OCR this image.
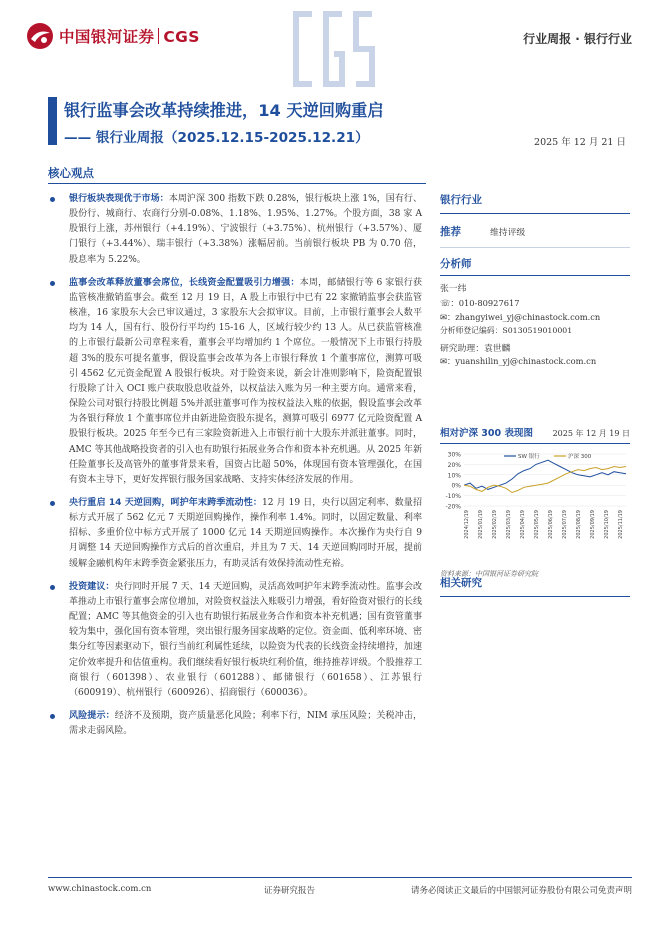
中国银河证券 CGS	行业周报 · 银行行业
银行监事会改革持续推进，14 天逆回购重启
—— 银行业周报（2025.12.15-2025.12.21）	2025 年 12 月 21 日
核心观点
银行板块表现优于市场：本周沪深 300 指数下跌 0.28%，银行板块上涨 1%，国有行、股份行、城商行、农商行分别-0.08%、1.18%、1.95%、1.27%。个股方面，38 家 A 股银行上涨，苏州银行（+4.19%）、宁波银行（+3.75%）、杭州银行（+3.57%）、厦门银行（+3.44%）、瑞丰银行（+3.38%）涨幅居前。当前银行板块 PB 为 0.70 倍，股息率为 5.22%。
监事会改革释放董事会席位，长线资金配置吸引力增强：本周，邮储银行等 6 家银行获监管核准撤销监事会。截至 12 月 19 日，A 股上市银行中已有 22 家撤销监事会获监管核准，16 家股东大会已审议通过，3 家股东大会拟审议。目前，上市银行董事会人数平均为 14 人，国有行、股份行平均约 15-16 人，区域行较少约 13 人。从已获监管核准的上市银行最新公司章程来看，董事会平均增加约 1 个席位。一般情况下上市银行持股超 3%的股东可提名董事，假设监事会改革为各上市银行释放 1 个董事席位，测算可吸引 4562 亿元资金配置 A 股银行板块。对于险资来说，新会计准则影响下，险资配置银行股除了计入 OCI 账户获取股息收益外，以权益法入账为另一种主要方向。通常来看，保险公司对银行持股比例超 5%并派驻董事可作为按权益法入账的依据，假设监事会改革为各银行释放 1 个董事席位并由新进险资股东提名，测算可吸引 6977 亿元险资配置 A 股银行板块。2025 年至今已有三家险资新进入上市银行前十大股东并派驻董事。同时，AMC 等其他战略投资者的引入也有助银行拓展业务合作和资本补充机遇。从 2025 年新任险董事长及高管外的董事背景来看，国资占比超 50%，体现国有资本管理强化，在国有资本主导下，更好发挥银行服务国家战略、支持实体经济发展的作用。
央行重启 14 天逆回购，呵护年末跨季流动性：12 月 19 日，央行以固定利率、数量招标方式开展了 562 亿元 7 天期逆回购操作，操作利率 1.4%。同时，以固定数量、利率招标、多重价位中标方式开展了 1000 亿元 14 天期逆回购操作。本次操作为央行自 9 月调整 14 天逆回购操作方式后的首次重启，并且为 7 天、14 天逆回购同时开展，提前缓解金融机构年末跨季资金紧张压力，有助灵活有效保持流动性充裕。
投资建议：央行同时开展 7 天、14 天逆回购，灵活高效呵护年末跨季流动性。监事会改革推动上市银行董事会席位增加，对险资权益法入账吸引力增强，看好险资对银行的长线配置；AMC 等其他资金的引入也有助银行拓展业务合作和资本补充机遇；国有资管董事较为集中，强化国有资本管理，突出银行服务国家战略的定位。资金面、低利率环境、密集分红等因素驱动下，银行当前红利属性延续，以险资为代表的长线资金持续增持，加速定价效率提升和估值重构。我们继续看好银行板块红利价值，维持推荐评级。个股推荐工商银行（601398）、农业银行（601288）、邮储银行（601658）、江苏银行（600919）、杭州银行（600926）、招商银行（600036）。
风险提示：经济不及预期，资产质量恶化风险；利率下行，NIM 承压风险；关税冲击，需求走弱风险。
银行行业
推荐	维持评级
分析师
张一纬
☏：010-80927617
✉：zhangyiwei_yj@chinastock.com.cn
分析师登记编码：S0130519010001
研究助理：袁世麟
✉：yuanshilin_yj@chinastock.com.cn
相对沪深 300 表现图 2025 年 12 月 19 日
30%
20%
10%
0%
-10%
-20%
2024/12/19 2025/01/19 2025/02/19 2025/03/19 2025/04/19 2025/05/19 2025/06/19 2025/07/19 2025/08/19 2025/09/19 2025/10/19 2025/11/19
SW 银行	沪深 300
资料来源：中国银河证券研究院
相关研究
www.chinastock.com.cn	证券研究报告	请务必阅读正文最后的中国银河证券股份有限公司免责声明
